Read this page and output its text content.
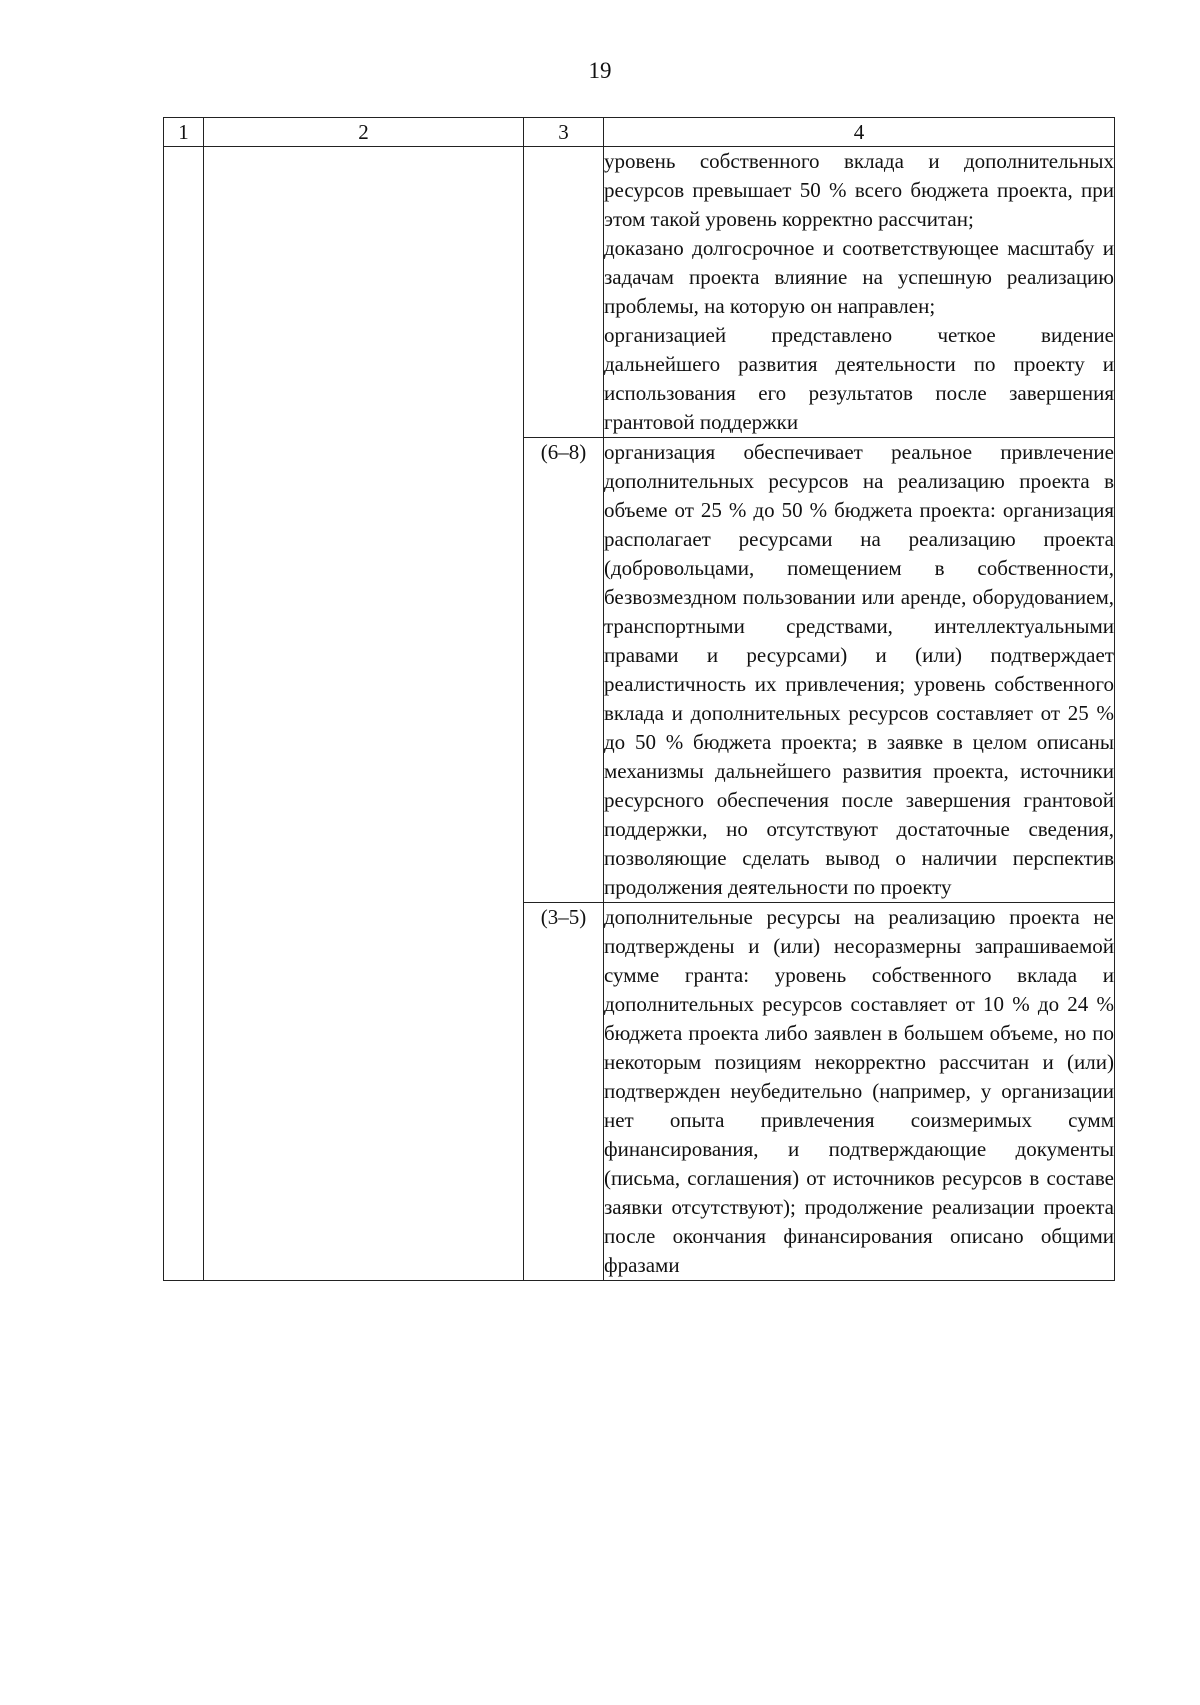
19
1	2	3	4

			уровень собственного вклада и дополнительных ресурсов превышает 50 % всего бюджета проекта, при этом такой уровень корректно рассчитан;
доказано долгосрочное и соответствующее масштабу и задачам проекта влияние на успешную реализацию проблемы, на которую он направлен;
организацией представлено четкое видение дальнейшего развития деятельности по проекту и использования его результатов после завершения грантовой поддержки

		(6–8)	организация обеспечивает реальное привлечение дополнительных ресурсов на реализацию проекта в объеме от 25 % до 50 % бюджета проекта: организация располагает ресурсами на реализацию проекта (добровольцами, помещением в собственности, безвозмездном пользовании или аренде, оборудованием, транспортными средствами, интеллектуальными правами и ресурсами) и (или) подтверждает реалистичность их привлечения; уровень собственного вклада и дополнительных ресурсов составляет от 25 % до 50 % бюджета проекта; в заявке в целом описаны механизмы дальнейшего развития проекта, источники ресурсного обеспечения после завершения грантовой поддержки, но отсутствуют достаточные сведения, позволяющие сделать вывод о наличии перспектив продолжения деятельности по проекту

		(3–5)	дополнительные ресурсы на реализацию проекта не подтверждены и (или) несоразмерны запрашиваемой сумме гранта: уровень собственного вклада и дополнительных ресурсов составляет от 10 % до 24 % бюджета проекта либо заявлен в большем объеме, но по некоторым позициям некорректно рассчитан и (или) подтвержден неубедительно (например, у организации нет опыта привлечения соизмеримых сумм финансирования, и подтверждающие документы (письма, соглашения) от источников ресурсов в составе заявки отсутствуют); продолжение реализации проекта после окончания финансирования описано общими фразами
